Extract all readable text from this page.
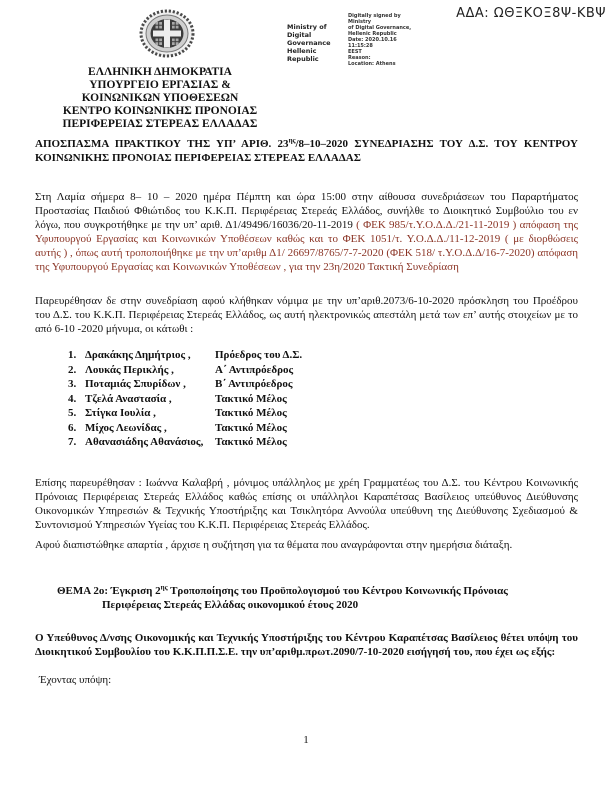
ΑΔΑ: ΩΘΞΚΟΞ8Ψ-ΚΒΨ
Ministry of Digital
Governance
Hellenic Republic
Digitally signed by Ministry
of Digital Governance,
Hellenic Republic
Date: 2020.10.16 11:15:28
EEST
Reason:
Location: Athens
ΕΛΛΗΝΙΚΗ ΔΗΜΟΚΡΑΤΙΑ
ΥΠΟΥΡΓΕΙΟ ΕΡΓΑΣΙΑΣ &
ΚΟΙΝΩΝΙΚΩΝ ΥΠΟΘΕΣΕΩΝ
ΚΕΝΤΡΟ ΚΟΙΝΩΝΙΚΗΣ ΠΡΟΝΟΙΑΣ
ΠΕΡΙΦΕΡΕΙΑΣ ΣΤΕΡΕΑΣ ΕΛΛΑΔΑΣ

ΑΠΟΣΠΑΣΜΑ ΠΡΑΚΤΙΚΟΥ ΤΗΣ ΥΠ’ ΑΡΙΘ. $23^{\eta\varsigma}/8-10-2020$ ΣΥΝΕΔΡΙΑΣΗΣ ΤΟΥ Δ.Σ. ΤΟΥ ΚΕΝΤΡΟΥ ΚΟΙΝΩΝΙΚΗΣ ΠΡΟΝΟΙΑΣ ΠΕΡΙΦΕΡΕΙΑΣ ΣΤΕΡΕΑΣ ΕΛΛΑΔΑΣ

Στη Λαμία σήμερα 8– 10 – 2020 ημέρα Πέμπτη και ώρα 15:00 στην αίθουσα συνεδριάσεων του Παραρτήματος Προστασίας Παιδιού Φθιώτιδος του Κ.Κ.Π. Περιφέρειας Στερεάς Ελλάδος, συνήλθε το Διοικητικό Συμβούλιο του εν λόγω, που συγκροτήθηκε με την υπ’ αριθ. Δ1/49496/16036/20-11-2019 ( ΦΕΚ 985/τ.Υ.Ο.Δ.Δ./21-11-2019 ) απόφαση της Υφυπουργού Εργασίας και Κοινωνικών Υποθέσεων καθώς και το ΦΕΚ 1051/τ. Υ.Ο.Δ.Δ./11-12-2019 ( με διορθώσεις αυτής ) , όπως αυτή τροποποιήθηκε με την υπ’αριθμ Δ1/ 26697/8765/7-7-2020 (ΦΕΚ 518/ τ.Υ.Ο.Δ.Δ/16-7-2020) απόφαση της Υφυπουργού Εργασίας και Κοινωνικών Υποθέσεων , για την 23η/2020 Τακτική Συνεδρίαση

Παρευρέθησαν δε στην συνεδρίαση αφού κλήθηκαν νόμιμα με την υπ’αριθ.2073/6-10-2020 πρόσκληση του Προέδρου του Δ.Σ. του Κ.Κ.Π. Περιφέρειας Στερεάς Ελλάδος, ως αυτή ηλεκτρονικώς απεστάλη μετά των επ’ αυτής στοιχείων με το από 6-10 -2020 μήνυμα, οι κάτωθι :

1. Δρακάκης Δημήτριος ,	Πρόεδρος του Δ.Σ.
2. Λουκάς Περικλής ,	Α΄ Αντιπρόεδρος
3. Ποταμιάς Σπυρίδων ,	Β΄ Αντιπρόεδρος
4. Τζελά Αναστασία ,	Τακτικό Μέλος
5. Στίγκα Ιουλία ,	Τακτικό Μέλος
6. Μίχος Λεωνίδας ,	Τακτικό Μέλος
7. Αθανασιάδης Αθανάσιος,	Τακτικό Μέλος

Επίσης παρευρέθησαν : Ιωάννα Καλαβρή , μόνιμος υπάλληλος με χρέη Γραμματέως του Δ.Σ. του Κέντρου Κοινωνικής Πρόνοιας Περιφέρειας Στερεάς Ελλάδος καθώς επίσης οι υπάλληλοι Καραπέτσας Βασίλειος υπεύθυνος Διεύθυνσης Οικονομικών Υπηρεσιών & Τεχνικής Υποστήριξης και Τσικλητόρα Αννούλα υπεύθυνη της Διεύθυνσης Σχεδιασμού & Συντονισμού Υπηρεσιών Υγείας του Κ.Κ.Π. Περιφέρειας Στερεάς Ελλάδος.

Αφού διαπιστώθηκε απαρτία , άρχισε η συζήτηση για τα θέματα που αναγράφονται στην ημερήσια διάταξη.

ΘΕΜΑ 2ο: Έγκριση $2^{\eta\varsigma}$ Τροποποίησης του Προϋπολογισμού του Κέντρου Κοινωνικής Πρόνοιας Περιφέρειας Στερεάς Ελλάδας οικονομικού έτους 2020

Ο Υπεύθυνος Δ/νσης Οικονομικής και Τεχνικής Υποστήριξης του Κέντρου Καραπέτσας Βασίλειος θέτει υπόψη του Διοικητικού Συμβουλίου του Κ.Κ.Π.Π.Σ.Ε. την υπ’αριθμ.πρωτ.2090/7-10-2020 εισήγησή του, που έχει ως εξής:

Έχοντας υπόψη:

1
